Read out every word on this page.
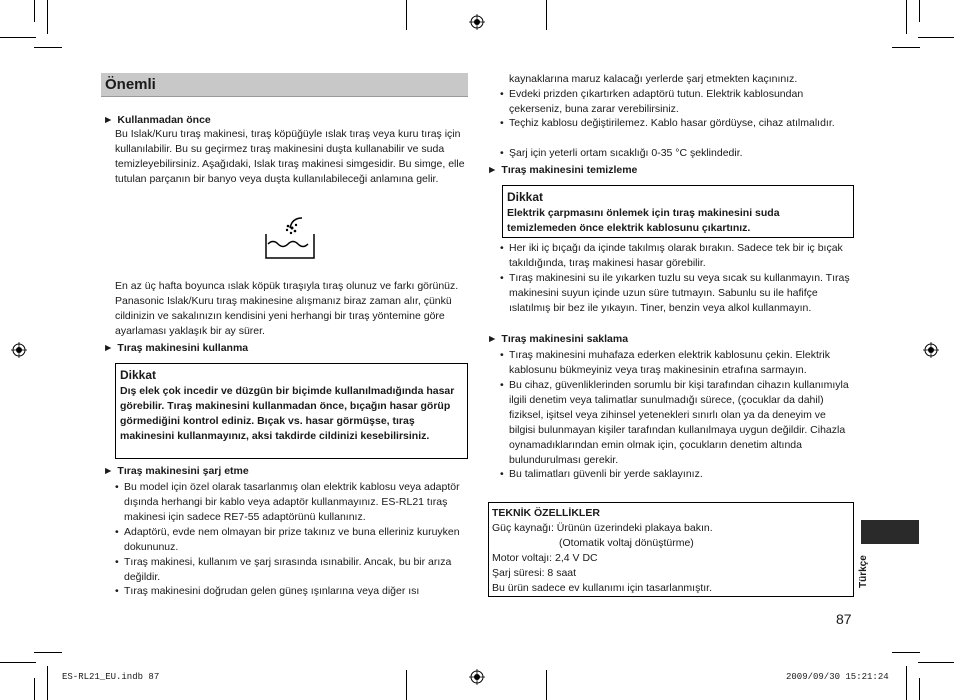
Önemli
► Kullanmadan önce
Bu Islak/Kuru tıraş makinesi, tıraş köpüğüyle ıslak tıraş veya kuru tıraş için kullanılabilir. Bu su geçirmez tıraş makinesini duşta kullanabilir ve suda temizleyebilirsiniz. Aşağıdaki, Islak tıraş makinesi simgesidir. Bu simge, elle tutulan parçanın bir banyo veya duşta kullanılabileceği anlamına gelir.
En az üç hafta boyunca ıslak köpük tıraşıyla tıraş olunuz ve farkı görünüz. Panasonic Islak/Kuru tıraş makinesine alışmanız biraz zaman alır, çünkü cildinizin ve sakalınızın kendisini yeni herhangi bir tıraş yöntemine göre ayarlaması yaklaşık bir ay sürer.
► Tıraş makinesini kullanma
Dikkat
Dış elek çok incedir ve düzgün bir biçimde kullanılmadığında hasar görebilir. Tıraş makinesini kullanmadan önce, bıçağın hasar görüp görmediğini kontrol ediniz. Bıçak vs. hasar görmüşse, tıraş makinesini kullanmayınız, aksi takdirde cildinizi kesebilirsiniz.
► Tıraş makinesini şarj etme
• Bu model için özel olarak tasarlanmış olan elektrik kablosu veya adaptör dışında herhangi bir kablo veya adaptör kullanmayınız. ES-RL21 tıraş makinesi için sadece RE7-55 adaptörünü kullanınız.
• Adaptörü, evde nem olmayan bir prize takınız ve buna elleriniz kuruyken dokununuz.
• Tıraş makinesi, kullanım ve şarj sırasında ısınabilir. Ancak, bu bir arıza değildir.
• Tıraş makinesini doğrudan gelen güneş ışınlarına veya diğer ısı
kaynaklarına maruz kalacağı yerlerde şarj etmekten kaçınınız.
• Evdeki prizden çıkartırken adaptörü tutun. Elektrik kablosundan çekerseniz, buna zarar verebilirsiniz.
• Teçhiz kablosu değiştirilemez. Kablo hasar gördüyse, cihaz atılmalıdır.
• Şarj için yeterli ortam sıcaklığı 0-35 °C şeklindedir.
► Tıraş makinesini temizleme
Dikkat
Elektrik çarpmasını önlemek için tıraş makinesini suda temizlemeden önce elektrik kablosunu çıkartınız.
• Her iki iç bıçağı da içinde takılmış olarak bırakın. Sadece tek bir iç bıçak takıldığında, tıraş makinesi hasar görebilir.
• Tıraş makinesini su ile yıkarken tuzlu su veya sıcak su kullanmayın. Tıraş makinesini suyun içinde uzun süre tutmayın. Sabunlu su ile hafifçe ıslatılmış bir bez ile yıkayın. Tiner, benzin veya alkol kullanmayın.
► Tıraş makinesini saklama
• Tıraş makinesini muhafaza ederken elektrik kablosunu çekin. Elektrik kablosunu bükmeyiniz veya tıraş makinesinin etrafına sarmayın.
• Bu cihaz, güvenliklerinden sorumlu bir kişi tarafından cihazın kullanımıyla ilgili denetim veya talimatlar sunulmadığı sürece, (çocuklar da dahil) fiziksel, işitsel veya zihinsel yetenekleri sınırlı olan ya da deneyim ve bilgisi bulunmayan kişiler tarafından kullanılmaya uygun değildir. Cihazla oynamadıklarından emin olmak için, çocukların denetim altında bulundurulması gerekir.
• Bu talimatları güvenli bir yerde saklayınız.
TEKNİK ÖZELLİKLER
Güç kaynağı: Ürünün üzerindeki plakaya bakın.
(Otomatik voltaj dönüştürme)
Motor voltajı: 2,4 V DC
Şarj süresi: 8 saat
Bu ürün sadece ev kullanımı için tasarlanmıştır.	Türkçe
87
ES-RL21_EU.indb 87	2009/09/30 15:21:24
